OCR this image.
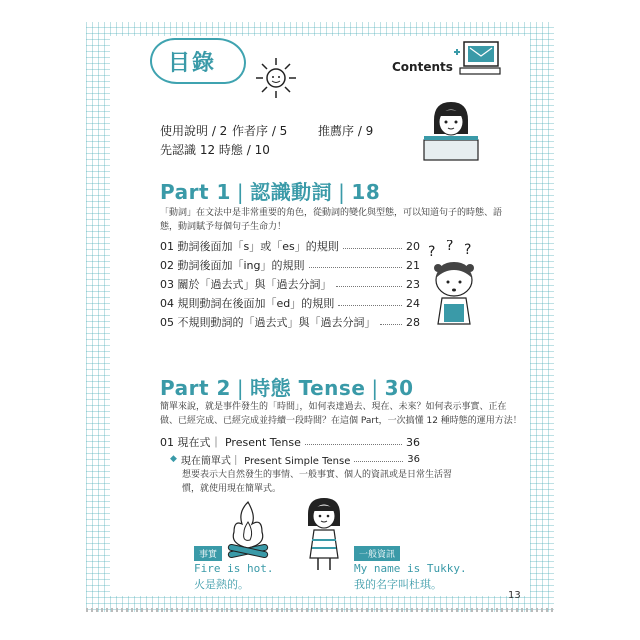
目錄	Contents
使用說明 / 2 作者序 / 5	推薦序 / 9
先認識 12 時態 / 10
Part 1 | 認識動詞 | 18
「動詞」在文法中是非常重要的角色，從動詞的變化與型態，可以知道句子的時態、語
態，動詞賦予每個句子生命力！
01 動詞後面加「s」或「es」的規則	20
02 動詞後面加「ing」的規則	21
03 關於「過去式」與「過去分詞」	23
04 規則動詞在後面加「ed」的規則	24
05 不規則動詞的「過去式」與「過去分詞」	28
? ? ?
Part 2 | 時態 Tense | 30
簡單來說，就是事件發生的「時間」，如何表達過去、現在、未來？如何表示事實、正在
做、已經完成、已經完成並持續一段時間？在這個 Part，一次搞懂 12 種時態的運用方法！
01 現在式｜ Present Tense	36
◆ 現在簡單式｜ Present Simple Tense	36
想要表示大自然發生的事情、一般事實、個人的資訊或是日常生活習
慣，就使用現在簡單式。
事實
Fire is hot.
火是熱的。
一般資訊
My name is Tukky.
我的名字叫杜琪。
13
